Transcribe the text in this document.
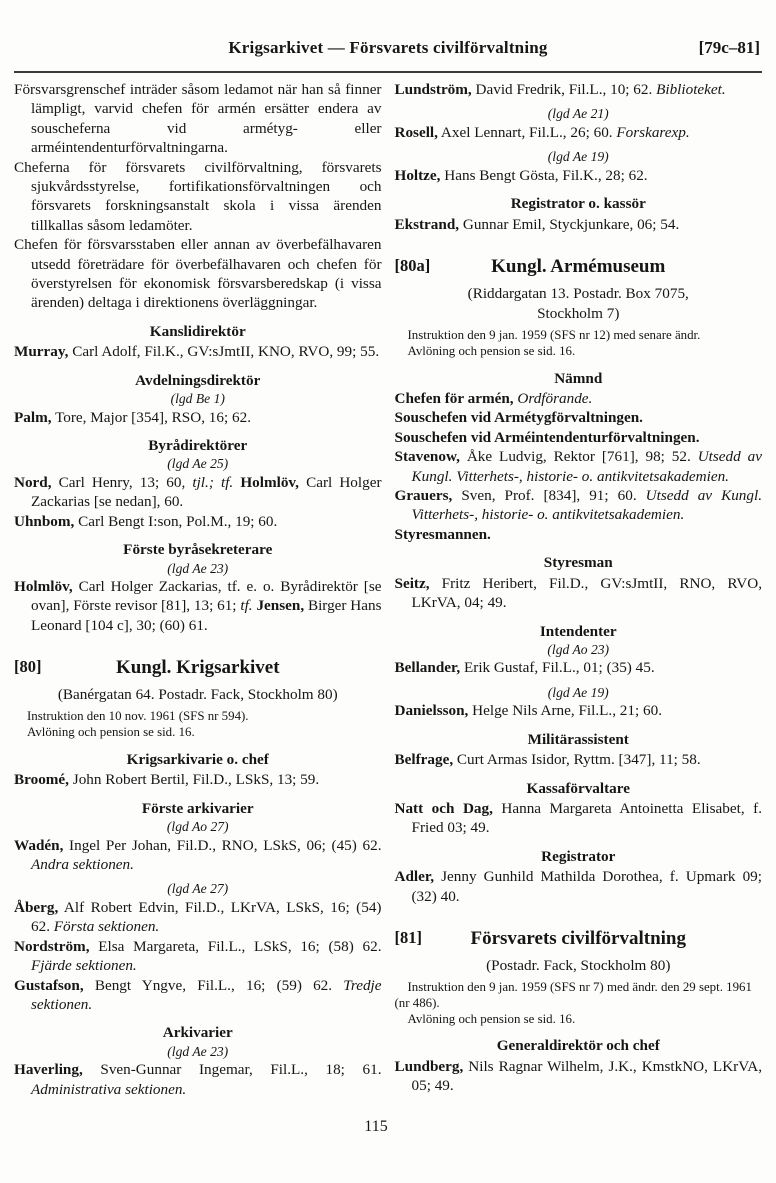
Krigsarkivet — Försvarets civilförvaltning	[79c–81]
Försvarsgrenschef inträder såsom ledamot när han så finner lämpligt, varvid chefen för armén ersätter endera av souscheferna vid armétyg- eller arméintendenturförvaltningarna.
Cheferna för försvarets civilförvaltning, försvarets sjukvårdsstyrelse, fortifikationsförvaltningen och försvarets forskningsanstalt skola i vissa ärenden tillkallas såsom ledamöter.
Chefen för försvarsstaben eller annan av överbefälhavaren utsedd företrädare för överbefälhavaren och chefen för överstyrelsen för ekonomisk försvarsberedskap (i vissa ärenden) deltaga i direktionens överläggningar.
Kanslidirektör
Murray, Carl Adolf, Fil.K., GV:sJmtII, KNO, RVO, 99; 55.
Avdelningsdirektör
(lgd Be 1)
Palm, Tore, Major [354], RSO, 16; 62.
Byrådirektörer
(lgd Ae 25)
Nord, Carl Henry, 13; 60, tjl.; tf. Holmlöv, Carl Holger Zackarias [se nedan], 60.
Uhnbom, Carl Bengt I:son, Pol.M., 19; 60.
Förste byråsekreterare
(lgd Ae 23)
Holmlöv, Carl Holger Zackarias, tf. e. o. Byrådirektör [se ovan], Förste revisor [81], 13; 61; tf. Jensen, Birger Hans Leonard [104 c], 30; (60) 61.
[80]	Kungl. Krigsarkivet
(Banérgatan 64. Postadr. Fack, Stockholm 80)

Instruktion den 10 nov. 1961 (SFS nr 594).

Avlöning och pension se sid. 16.

Krigsarkivarie o. chef
Broomé, John Robert Bertil, Fil.D., LSkS, 13; 59.
Förste arkivarier
(lgd Ao 27)
Wadén, Ingel Per Johan, Fil.D., RNO, LSkS, 06; (45) 62. Andra sektionen.
(lgd Ae 27)
Åberg, Alf Robert Edvin, Fil.D., LKrVA, LSkS, 16; (54) 62. Första sektionen.
Nordström, Elsa Margareta, Fil.L., LSkS, 16; (58) 62. Fjärde sektionen.
Gustafson, Bengt Yngve, Fil.L., 16; (59) 62. Tredje sektionen.
Arkivarier
(lgd Ae 23)
Haverling, Sven-Gunnar Ingemar, Fil.L., 18; 61. Administrativa sektionen.
Lundström, David Fredrik, Fil.L., 10; 62. Biblioteket.
(lgd Ae 21)
Rosell, Axel Lennart, Fil.L., 26; 60. Forskarexp.
(lgd Ae 19)
Holtze, Hans Bengt Gösta, Fil.K., 28; 62.
Registrator o. kassör
Ekstrand, Gunnar Emil, Styckjunkare, 06; 54.
[80a]	Kungl. Armémuseum
(Riddargatan 13. Postadr. Box 7075,
Stockholm 7)

Instruktion den 9 jan. 1959 (SFS nr 12) med senare ändr.

Avlöning och pension se sid. 16.

Nämnd
Chefen för armén, Ordförande.
Souschefen vid Armétygförvaltningen.
Souschefen vid Arméintendenturförvaltningen.
Stavenow, Åke Ludvig, Rektor [761], 98; 52. Utsedd av Kungl. Vitterhets-, historie- o. antikvitetsakademien.
Grauers, Sven, Prof. [834], 91; 60. Utsedd av Kungl. Vitterhets-, historie- o. antikvitetsakademien.
Styresmannen.
Styresman
Seitz, Fritz Heribert, Fil.D., GV:sJmtII, RNO, RVO, LKrVA, 04; 49.
Intendenter
(lgd Ao 23)
Bellander, Erik Gustaf, Fil.L., 01; (35) 45.
(lgd Ae 19)
Danielsson, Helge Nils Arne, Fil.L., 21; 60.
Militärassistent
Belfrage, Curt Armas Isidor, Ryttm. [347], 11; 58.
Kassaförvaltare
Natt och Dag, Hanna Margareta Antoinetta Elisabet, f. Fried 03; 49.
Registrator
Adler, Jenny Gunhild Mathilda Dorothea, f. Upmark 09; (32) 40.
[81]	Försvarets civilförvaltning
(Postadr. Fack, Stockholm 80)

Instruktion den 9 jan. 1959 (SFS nr 7) med ändr. den 29 sept. 1961 (nr 486).

Avlöning och pension se sid. 16.

Generaldirektör och chef
Lundberg, Nils Ragnar Wilhelm, J.K., KmstkNO, LKrVA, 05; 49.
115
